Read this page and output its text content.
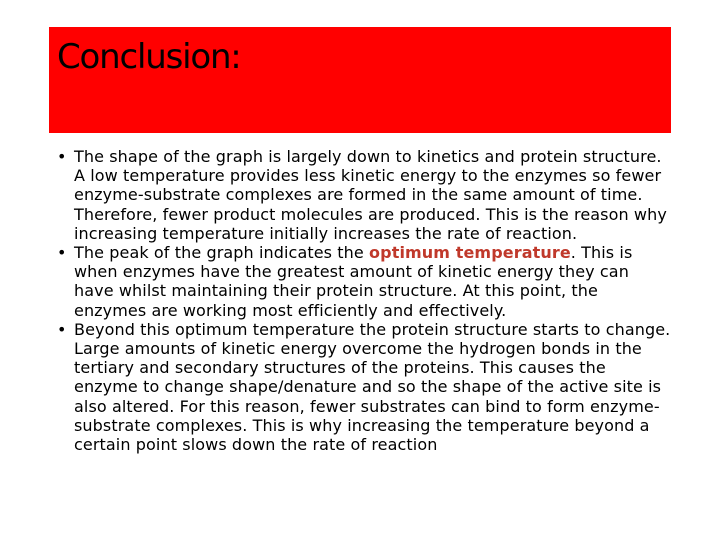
Conclusion:
• The shape of the graph is largely down to kinetics and protein structure. A low temperature provides less kinetic energy to the enzymes so fewer enzyme-substrate complexes are formed in the same amount of time. Therefore, fewer product molecules are produced. This is the reason why increasing temperature initially increases the rate of reaction.
• The peak of the graph indicates the optimum temperature. This is when enzymes have the greatest amount of kinetic energy they can have whilst maintaining their protein structure. At this point, the enzymes are working most efficiently and effectively.
• Beyond this optimum temperature the protein structure starts to change. Large amounts of kinetic energy overcome the hydrogen bonds in the tertiary and secondary structures of the proteins. This causes the enzyme to change shape/denature and so the shape of the active site is also altered. For this reason, fewer substrates can bind to form enzyme-substrate complexes. This is why increasing the temperature beyond a certain point slows down the rate of reaction
